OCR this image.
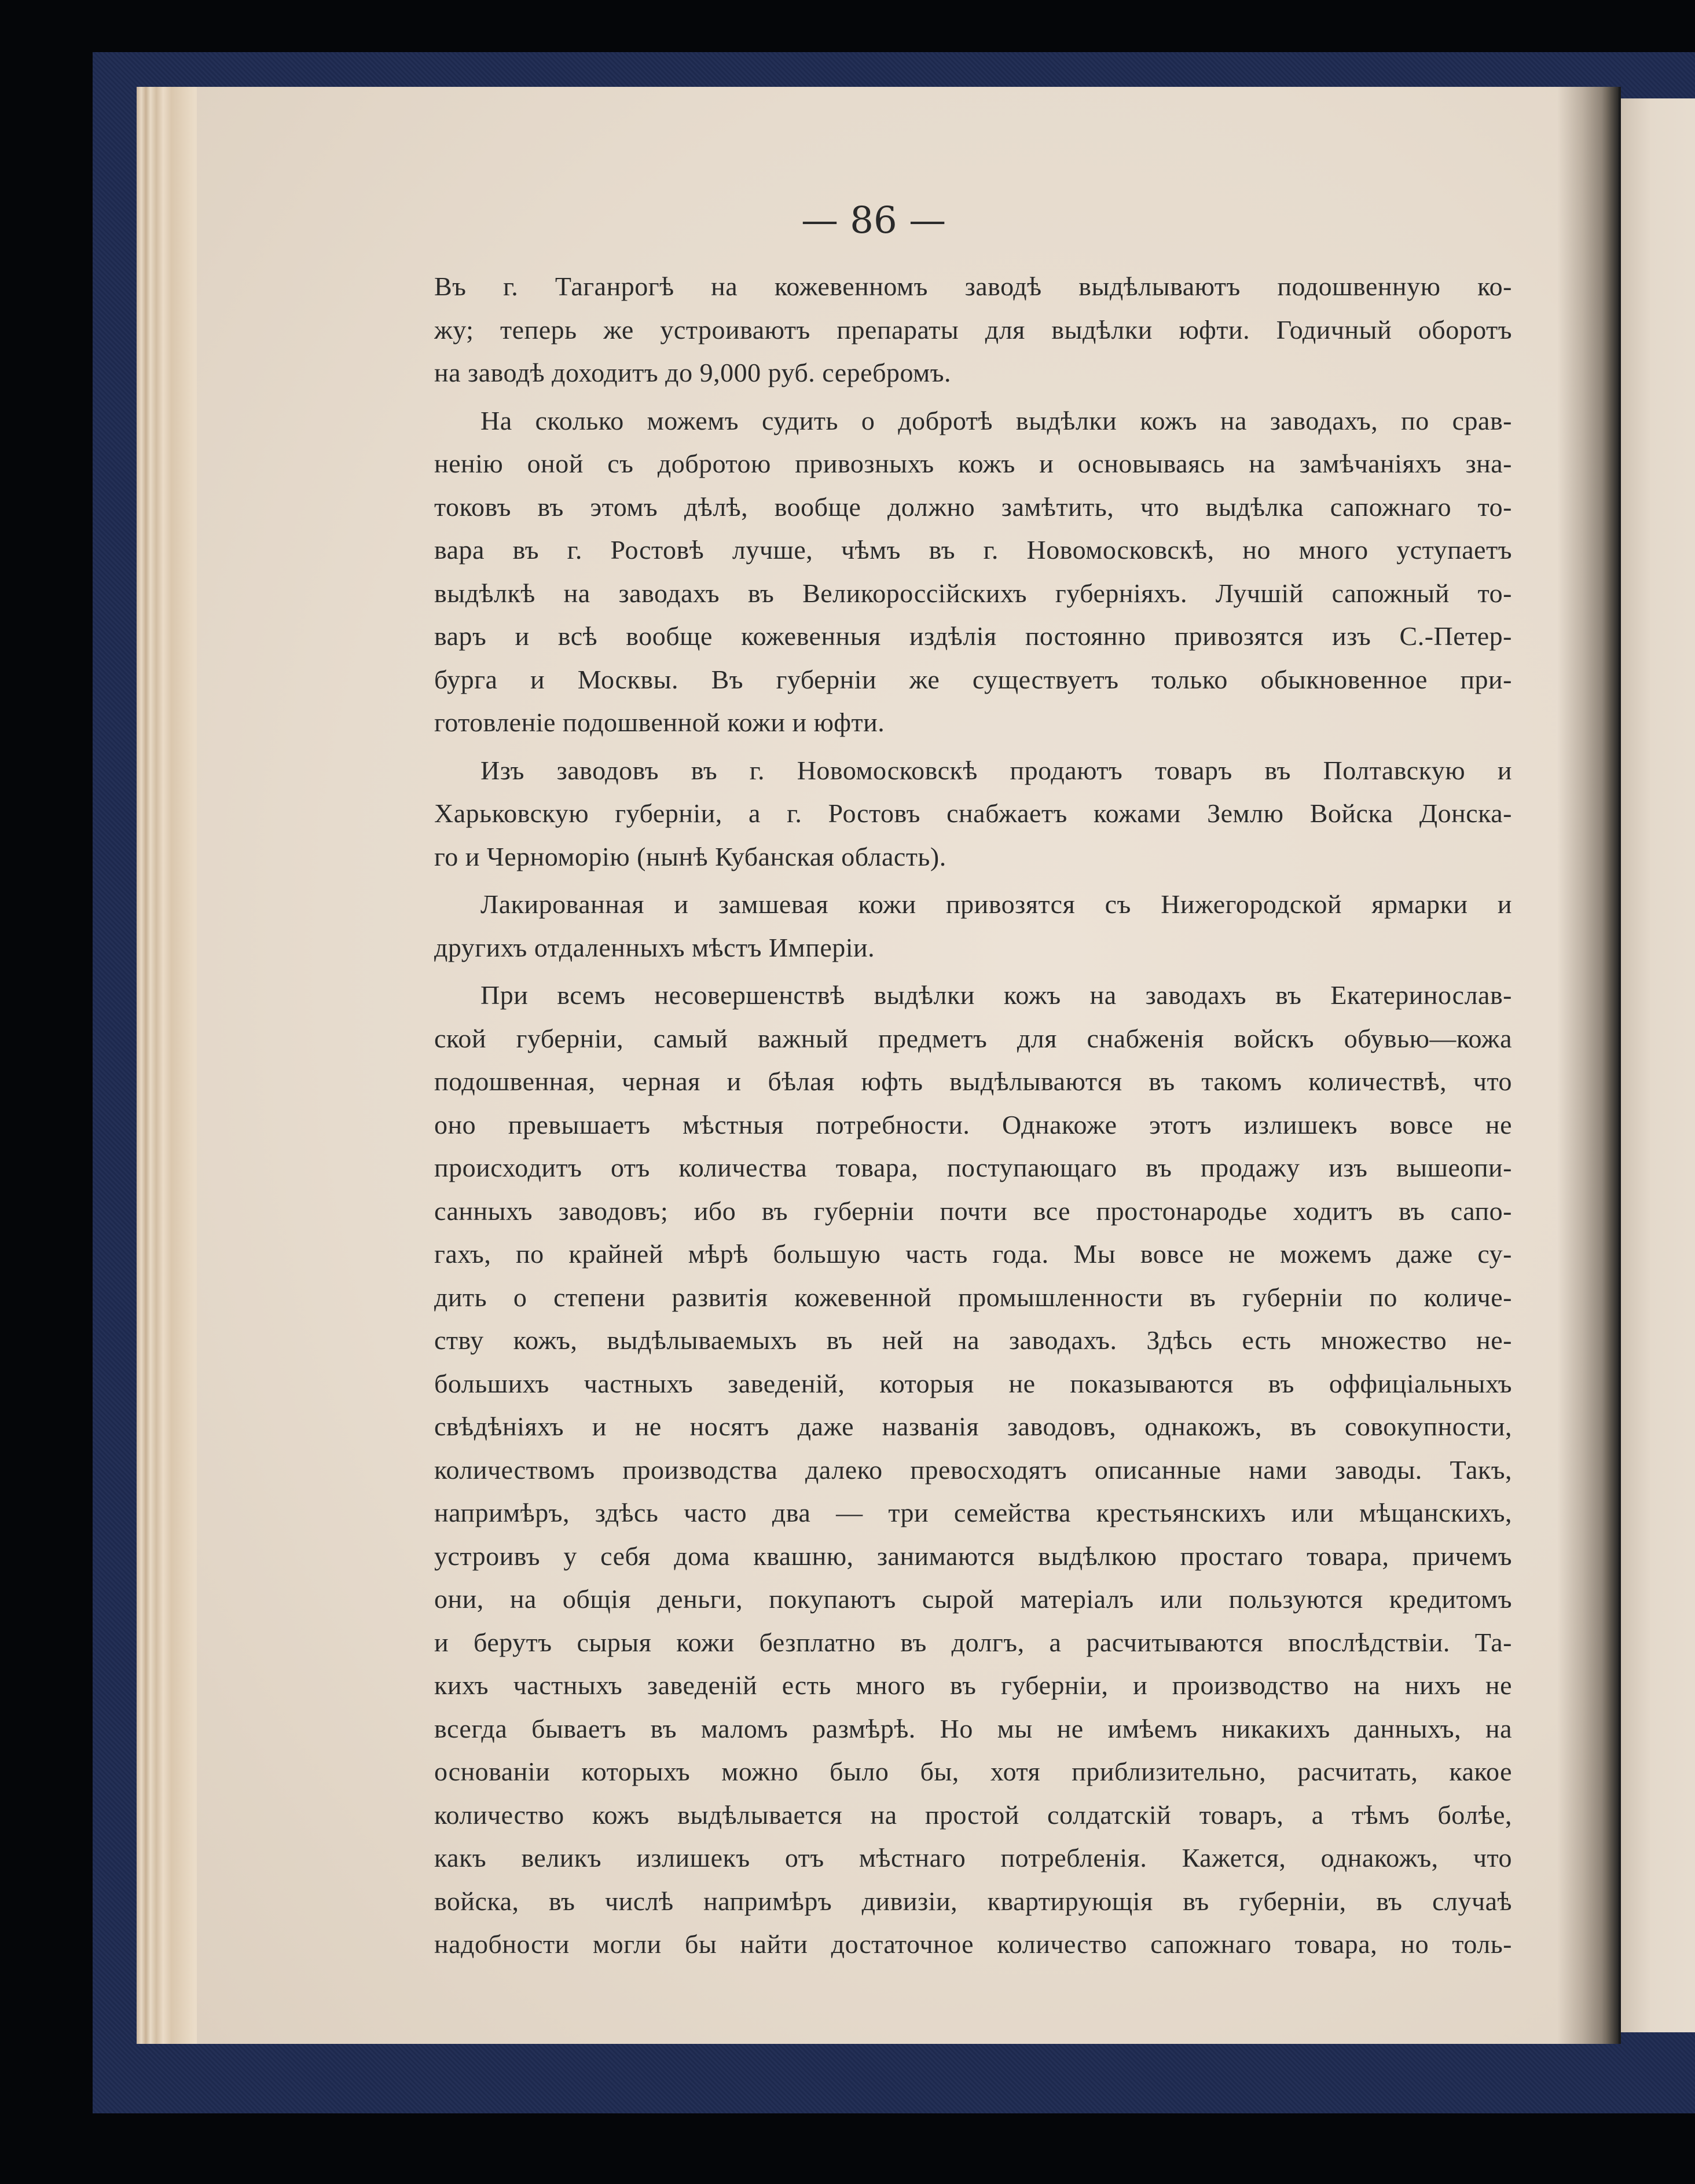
— 86 —
Въ г. Таганрогѣ на кожевенномъ заводѣ выдѣлываютъ подошвенную ко-
жу; теперь же устроиваютъ препараты для выдѣлки юфти. Годичный оборотъ
на заводѣ доходитъ до 9,000 руб. серебромъ.
На сколько можемъ судить о добротѣ выдѣлки кожъ на заводахъ, по срав-
ненію оной съ добротою привозныхъ кожъ и основываясь на замѣчаніяхъ зна-
токовъ въ этомъ дѣлѣ, вообще должно замѣтить, что выдѣлка сапожнаго то-
вара въ г. Ростовѣ лучше, чѣмъ въ г. Новомосковскѣ, но много уступаетъ
выдѣлкѣ на заводахъ въ Великороссійскихъ губерніяхъ. Лучшій сапожный то-
варъ и всѣ вообще кожевенныя издѣлія постоянно привозятся изъ С.-Петер-
бурга и Москвы. Въ губерніи же существуетъ только обыкновенное при-
готовленіе подошвенной кожи и юфти.
Изъ заводовъ въ г. Новомосковскѣ продаютъ товаръ въ Полтавскую и
Харьковскую губерніи, а г. Ростовъ снабжаетъ кожами Землю Войска Донска-
го и Черноморію (нынѣ Кубанская область).
Лакированная и замшевая кожи привозятся съ Нижегородской ярмарки и
другихъ отдаленныхъ мѣстъ Имперіи.
При всемъ несовершенствѣ выдѣлки кожъ на заводахъ въ Екатеринослав-
ской губерніи, самый важный предметъ для снабженія войскъ обувью—кожа
подошвенная, черная и бѣлая юфть выдѣлываются въ такомъ количествѣ, что
оно превышаетъ мѣстныя потребности. Однакоже этотъ излишекъ вовсе не
происходитъ отъ количества товара, поступающаго въ продажу изъ вышеопи-
санныхъ заводовъ; ибо въ губерніи почти все простонародье ходитъ въ сапо-
гахъ, по крайней мѣрѣ большую часть года. Мы вовсе не можемъ даже су-
дить о степени развитія кожевенной промышленности въ губерніи по количе-
ству кожъ, выдѣлываемыхъ въ ней на заводахъ. Здѣсь есть множество не-
большихъ частныхъ заведеній, которыя не показываются въ оффиціальныхъ
свѣдѣніяхъ и не носятъ даже названія заводовъ, однакожъ, въ совокупности,
количествомъ производства далеко превосходятъ описанные нами заводы. Такъ,
напримѣръ, здѣсь часто два — три семейства крестьянскихъ или мѣщанскихъ,
устроивъ у себя дома квашню, занимаются выдѣлкою простаго товара, причемъ
они, на общія деньги, покупаютъ сырой матеріалъ или пользуются кредитомъ
и берутъ сырыя кожи безплатно въ долгъ, а расчитываются впослѣдствіи. Та-
кихъ частныхъ заведеній есть много въ губерніи, и производство на нихъ не
всегда бываетъ въ маломъ размѣрѣ. Но мы не имѣемъ никакихъ данныхъ, на
основаніи которыхъ можно было бы, хотя приблизительно, расчитать, какое
количество кожъ выдѣлывается на простой солдатскій товаръ, а тѣмъ болѣе,
какъ великъ излишекъ отъ мѣстнаго потребленія. Кажется, однакожъ, что
войска, въ числѣ напримѣръ дивизіи, квартирующія въ губерніи, въ случаѣ
надобности могли бы найти достаточное количество сапожнаго товара, но толь-
